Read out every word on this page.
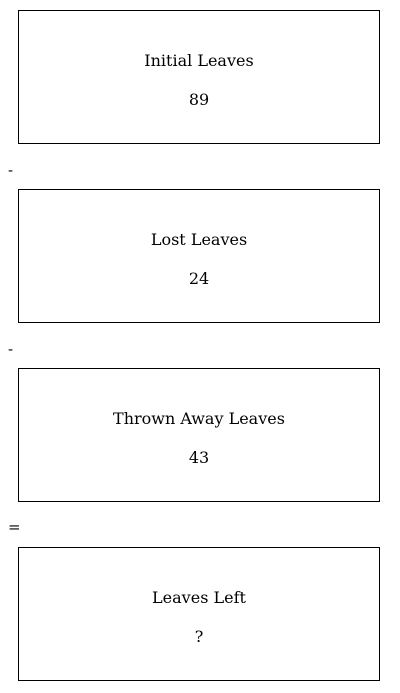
Initial Leaves
89
-
Lost Leaves
24
-
Thrown Away Leaves
43
=
Leaves Left
?
